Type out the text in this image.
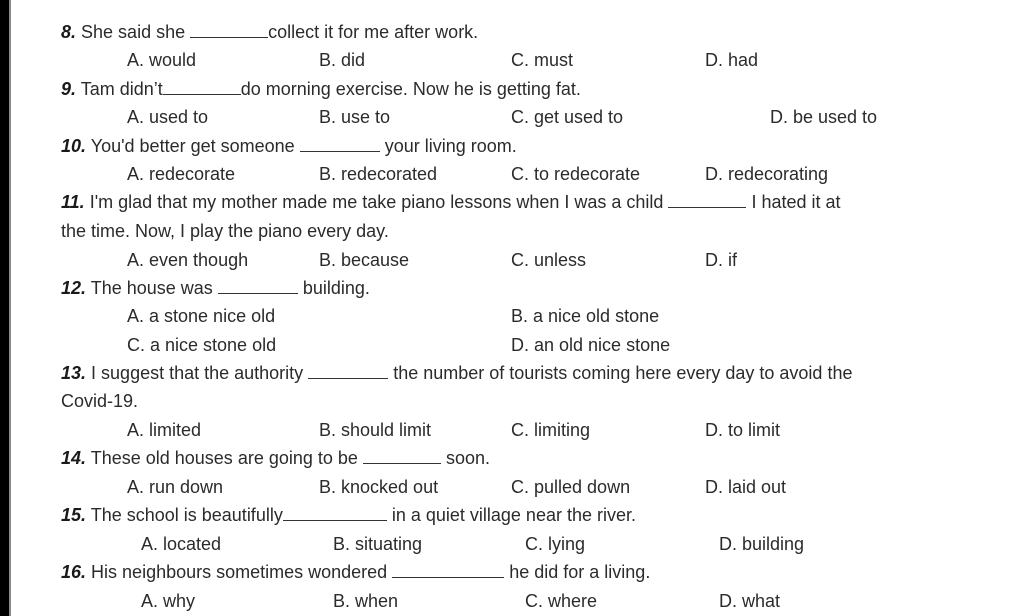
8. She said she	collect it for me after work.
A. would	B. did	C. must	D. had
9. Tam didn’t	do morning exercise. Now he is getting fat.
A. used to	B. use to	C. get used to	D. be used to
10. You'd better get someone	your living room.
A. redecorate	B. redecorated	C. to redecorate	D. redecorating
11. I'm glad that my mother made me take piano lessons when I was a child	I hated it at
the time. Now, I play the piano every day.
A. even though	B. because	C. unless	D. if
12. The house was	building.
A. a stone nice old	B. a nice old stone
C. a nice stone old	D. an old nice stone
13. I suggest that the authority	the number of tourists coming here every day to avoid the
Covid-19.
A. limited	B. should limit	C. limiting	D. to limit
14. These old houses are going to be	soon.
A. run down	B. knocked out	C. pulled down	D. laid out
15. The school is beautifully	in a quiet village near the river.
A. located	B. situating	C. lying	D. building
16. His neighbours sometimes wondered	he did for a living.
A. why	B. when	C. where	D. what
